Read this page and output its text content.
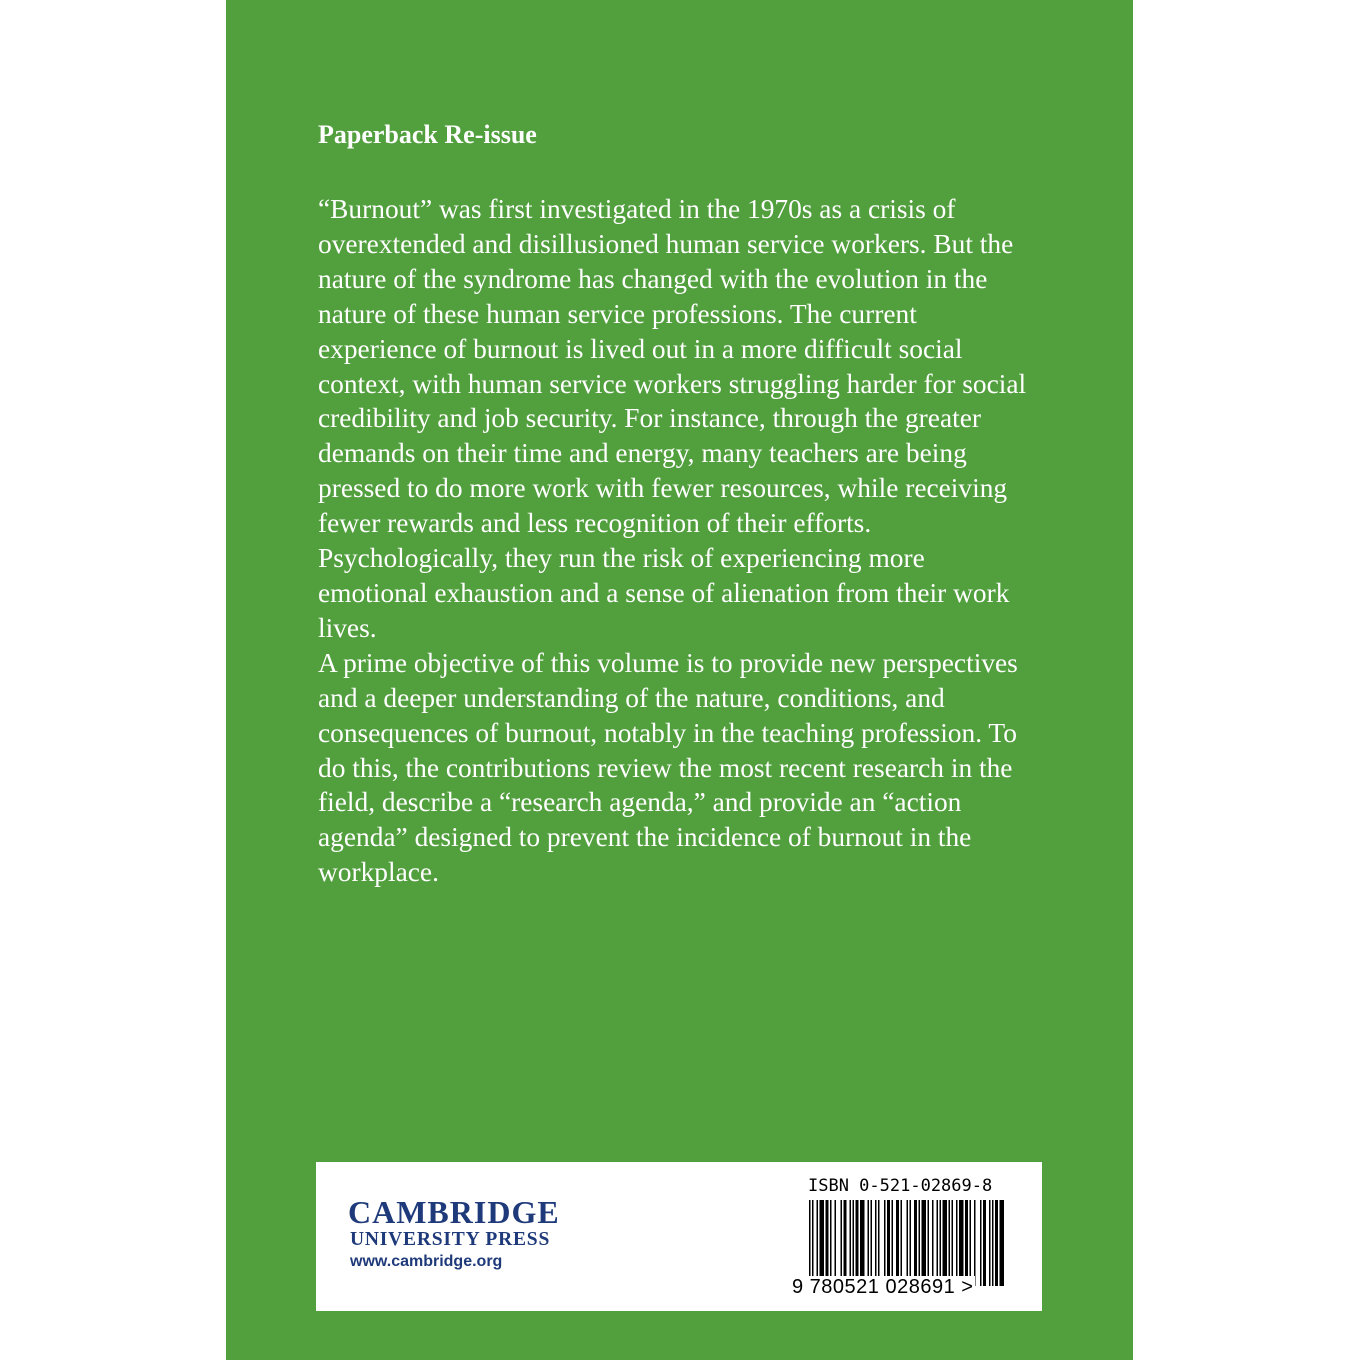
Paperback Re-issue

“Burnout” was first investigated in the 1970s as a crisis of
overextended and disillusioned human service workers. But the
nature of the syndrome has changed with the evolution in the
nature of these human service professions. The current
experience of burnout is lived out in a more difficult social
context, with human service workers struggling harder for social
credibility and job security. For instance, through the greater
demands on their time and energy, many teachers are being
pressed to do more work with fewer resources, while receiving
fewer rewards and less recognition of their efforts.
Psychologically, they run the risk of experiencing more
emotional exhaustion and a sense of alienation from their work
lives.

A prime objective of this volume is to provide new perspectives
and a deeper understanding of the nature, conditions, and
consequences of burnout, notably in the teaching profession. To
do this, the contributions review the most recent research in the
field, describe a “research agenda,” and provide an “action
agenda” designed to prevent the incidence of burnout in the
workplace.

CAMBRIDGE
UNIVERSITY PRESS
www.cambridge.org
ISBN 0-521-02869-8
9 780521 028691 >
